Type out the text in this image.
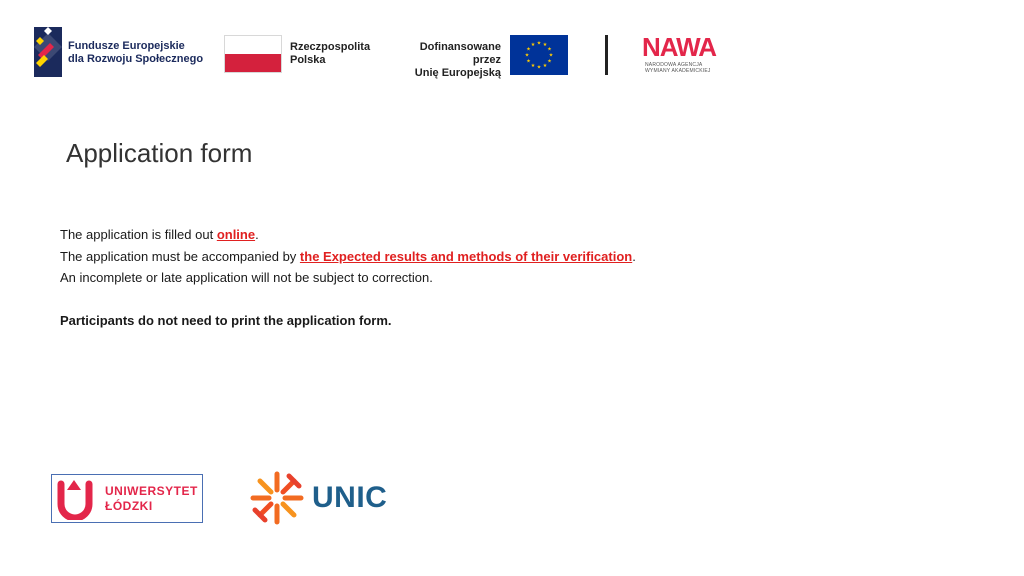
Fundusze Europejskie
dla Rozwoju Społecznego
Rzeczpospolita
Polska
Dofinansowane przez
Unię Europejską
★ ★
★
★
★
★
★
★
★
★
★
★	NAWA
NARODOWA AGENCJA
WYMIANY AKADEMICKIEJ
Application form

The application is filled out online.

The application must be accompanied by the Expected results and methods of their verification.

An incomplete or late application will not be subject to correction.

Participants do not need to print the application form.

UNIWERSYTET
ŁÓDZKI	UNIC
